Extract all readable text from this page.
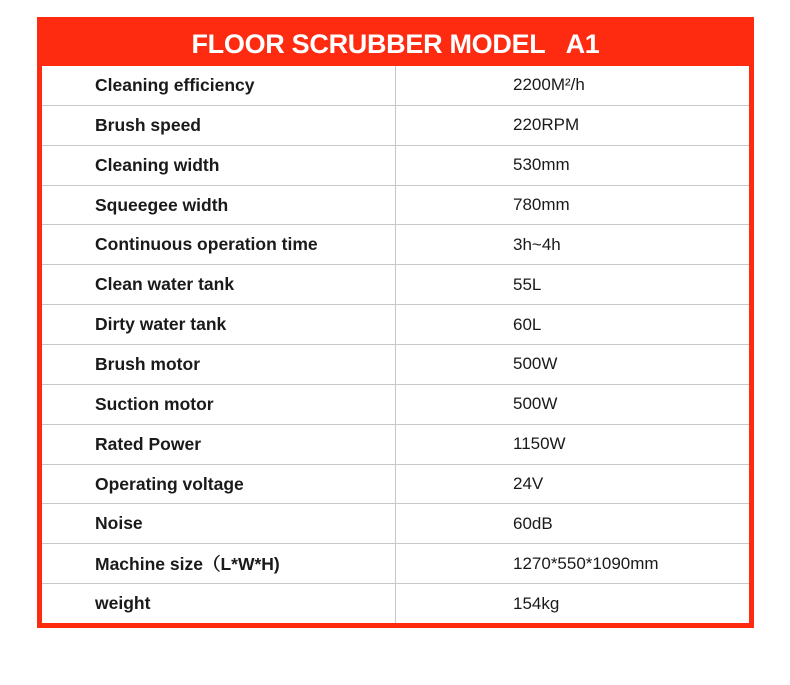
FLOOR SCRUBBER MODEL   A1
Cleaning efficiency	2200M²/h
Brush speed	220RPM
Cleaning width	530mm
Squeegee width	780mm
Continuous operation time	3h~4h
Clean water tank	55L
Dirty water tank	60L
Brush motor	500W
Suction motor	500W
Rated Power	1150W
Operating voltage	24V
Noise	60dB
Machine size（L*W*H)	1270*550*1090mm
weight	154kg
